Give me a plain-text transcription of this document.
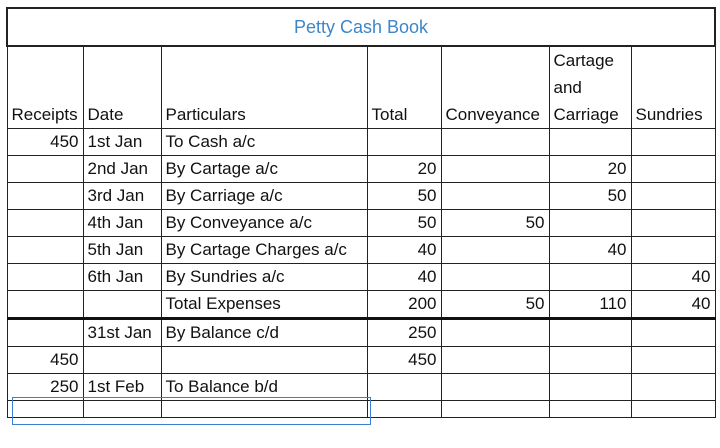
Petty Cash Book						
Receipts	Date	Particulars	Total	Conveyance	Cartage and Carriage	Sundries
450	1st Jan	To Cash a/c				
	2nd Jan	By Cartage a/c	20		20	
	3rd Jan	By Carriage a/c	50		50	
	4th Jan	By Conveyance a/c	50	50		
	5th Jan	By Cartage Charges a/c	40		40	
	6th Jan	By Sundries a/c	40			40
		Total Expenses	200	50	110	40
	31st Jan	By Balance c/d	250			
450			450			
250	1st Feb	To Balance b/d				
